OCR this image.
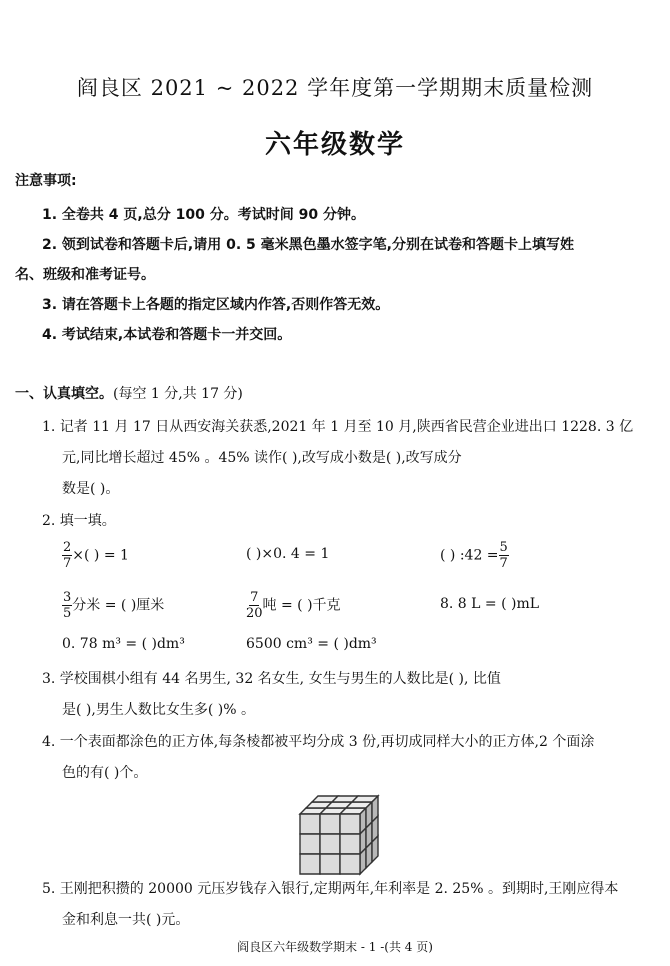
阎良区 2021 ~ 2022 学年度第一学期期末质量检测
六年级数学
注意事项:
1. 全卷共 4 页,总分 100 分。考试时间 90 分钟。
2. 领到试卷和答题卡后,请用 0. 5 毫米黑色墨水签字笔,分别在试卷和答题卡上填写姓
名、班级和准考证号。
3. 请在答题卡上各题的指定区域内作答,否则作答无效。
4. 考试结束,本试卷和答题卡一并交回。
一、认真填空。(每空 1 分,共 17 分)
1. 记者 11 月 17 日从西安海关获悉,2021 年 1 月至 10 月,陕西省民营企业进出口 1228. 3 亿
元,同比增长超过 45% 。45% 读作( ),改写成小数是( ),改写成分
数是( )。
2. 填一填。
$\frac{2}{7}$ ×( ) = 1	( )×0. 4 = 1	( ) :42 = $\frac{5}{7}$
$\frac{3}{5}$ 分米 = ( )厘米	$\frac{7}{20}$ 吨 = ( )千克	8. 8 L = ( )mL
0. 78 m³ = ( )dm³	6500 cm³ = ( )dm³
3. 学校围棋小组有 44 名男生, 32 名女生, 女生与男生的人数比是( ), 比值
是( ),男生人数比女生多( )% 。
4. 一个表面都涂色的正方体,每条棱都被平均分成 3 份,再切成同样大小的正方体,2 个面涂
色的有( )个。
5. 王刚把积攒的 20000 元压岁钱存入银行,定期两年,年利率是 2. 25% 。到期时,王刚应得本
金和利息一共( )元。
阎良区六年级数学期末 - 1 -(共 4 页)
